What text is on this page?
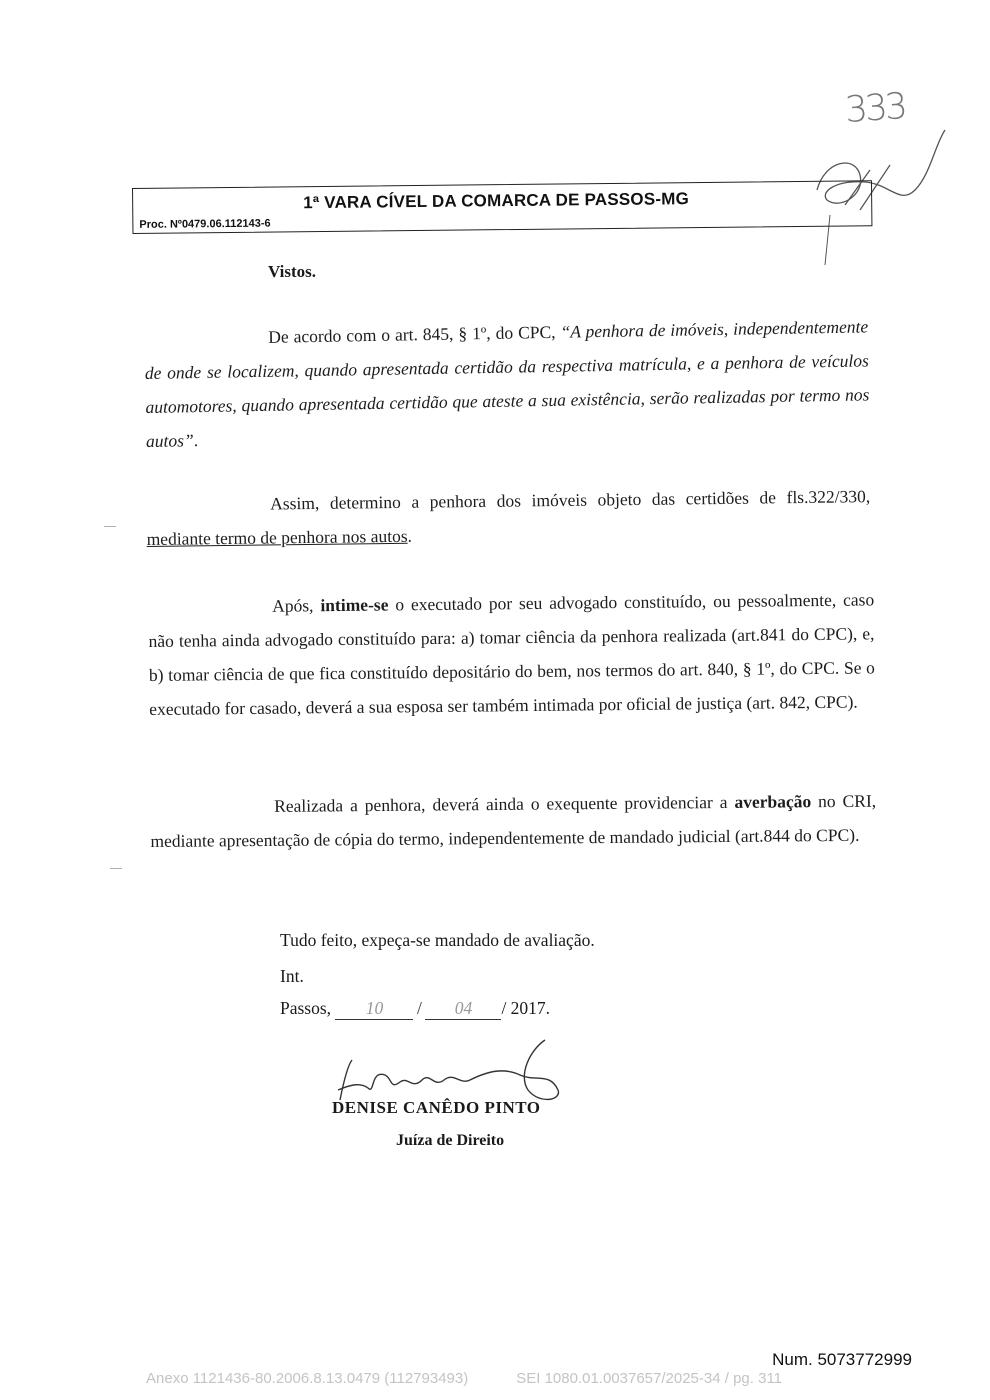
333
1ª VARA CÍVEL DA COMARCA DE PASSOS-MG
Proc. Nº0479.06.112143-6
Vistos.
De acordo com o art. 845, § 1º, do CPC, “A penhora de imóveis, independentemente de onde se localizem, quando apresentada certidão da respectiva matrícula, e a penhora de veículos automotores, quando apresentada certidão que ateste a sua existência, serão realizadas por termo nos autos”.
—
Assim, determino a penhora dos imóveis objeto das certidões de fls.322/330, mediante termo de penhora nos autos.
Após, intime-se o executado por seu advogado constituído, ou pessoalmente, caso não tenha ainda advogado constituído para: a) tomar ciência da penhora realizada (art.841 do CPC), e, b) tomar ciência de que fica constituído depositário do bem, nos termos do art. 840, § 1º, do CPC. Se o executado for casado, deverá a sua esposa ser também intimada por oficial de justiça (art. 842, CPC).
—
Realizada a penhora, deverá ainda o exequente providenciar a averbação no CRI, mediante apresentação de cópia do termo, independentemente de mandado judicial (art.844 do CPC).
Tudo feito, expeça-se mandado de avaliação.
Int.
Passos, 10 / 04 / 2017.
DENISE CANÊDO PINTO
Juíza de Direito
Num. 5073772999
Anexo 1121436-80.2006.8.13.0479 (112793493)	SEI 1080.01.0037657/2025-34 / pg. 311
